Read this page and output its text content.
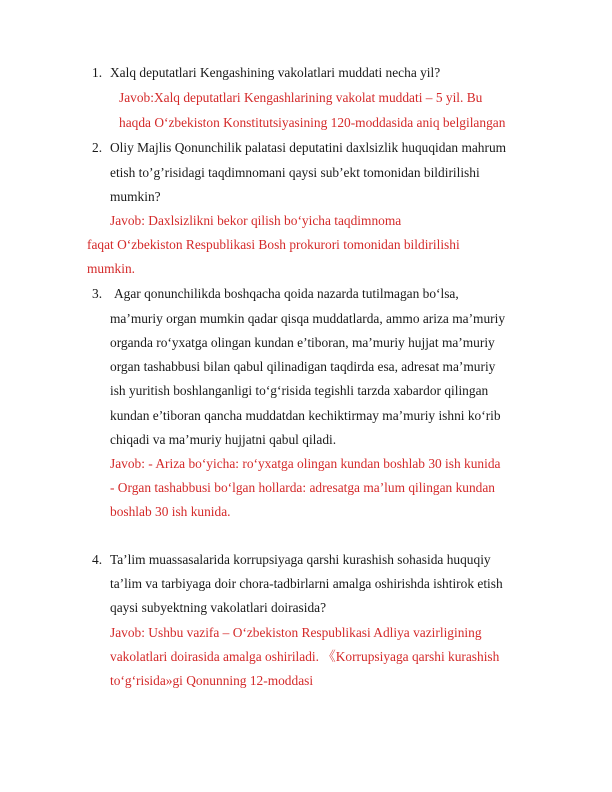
1. Xalq deputatlari Kengashining vakolatlari muddati necha yil?
Javob:Xalq deputatlari Kengashlarining vakolat muddati – 5 yil. Bu
haqda O‘zbekiston Konstitutsiyasining 120-moddasida aniq belgilangan
2. Oliy Majlis Qonunchilik palatasi deputatini daxlsizlik huquqidan mahrum
etish to’g’risidagi taqdimnomani qaysi sub’ekt tomonidan bildirilishi
mumkin?
Javob: Daxlsizlikni bekor qilish bo‘yicha taqdimnoma
faqat O‘zbekiston Respublikasi Bosh prokurori tomonidan bildirilishi
mumkin.
3. Agar qonunchilikda boshqacha qoida nazarda tutilmagan bo‘lsa,
ma’muriy organ mumkin qadar qisqa muddatlarda, ammo ariza ma’muriy
organda ro‘yxatga olingan kundan e’tiboran, ma’muriy hujjat ma’muriy
organ tashabbusi bilan qabul qilinadigan taqdirda esa, adresat ma’muriy
ish yuritish boshlanganligi to‘g‘risida tegishli tarzda xabardor qilingan
kundan e’tiboran qancha muddatdan kechiktirmay ma’muriy ishni ko‘rib
chiqadi va ma’muriy hujjatni qabul qiladi.
Javob: - Ariza bo‘yicha: ro‘yxatga olingan kundan boshlab 30 ish kunida
- Organ tashabbusi bo‘lgan hollarda: adresatga ma’lum qilingan kundan
boshlab 30 ish kunida.
4. Ta’lim muassasalarida korrupsiyaga qarshi kurashish sohasida huquqiy
ta’lim va tarbiyaga doir chora-tadbirlarni amalga oshirishda ishtirok etish
qaysi subyektning vakolatlari doirasida?
Javob: Ushbu vazifa – O‘zbekiston Respublikasi Adliya vazirligining
vakolatlari doirasida amalga oshiriladi. 《Korrupsiyaga qarshi kurashish
to‘g‘risida»gi Qonunning 12-moddasi
